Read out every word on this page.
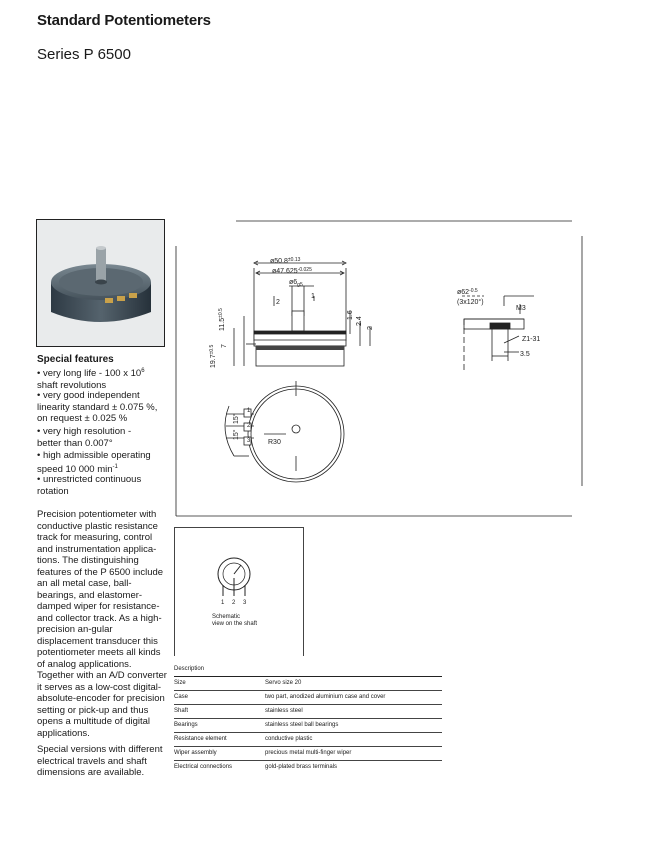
Standard Potentiometers
Series P 6500
Special features
• very long life - 100 x $10^6$
shaft revolutions
• very good independent
linearity standard ± 0.075 %,
on request ± 0.025 %
• very high resolution -
better than 0.007°
• high admissible operating
speed 10 000 $\min^{-1}$
• unrestricted continuous
rotation
Precision potentiometer with conductive plastic resistance track for measuring, control and instrumentation applica-tions. The distinguishing features of the P 6500 include an all metal case, ball-bearings, and elastomer-damped wiper for resistance- and collector track. As a high-precision an-gular displacement transducer this potentiometer meets all kinds of analog applications. Together with an A/D converter it serves as a low-cost digital-absolute-encoder for precision setting or pick-up and thus opens a multitude of digital applications.
Special versions with different electrical travels and shaft dimensions are available.
$ø50.8^{\pm 0.13}$
$ø47.625^{-0.025}$
$ø6_{g5}$
2
1
1.6
2.4
2
$11.5^{\pm 0.5}$
7
$19.7^{\pm 0.5}$
R30
15°
15°
1
2
3
$ø62^{-0.5}$
(3x120°)
M3
Z1-31
3.5
1 2 3
Schematic
view on the shaft
Description
Size	Servo size 20
Case	two part, anodized aluminium case and cover
Shaft	stainless steel
Bearings	stainless steel ball bearings
Resistance element	conductive plastic
Wiper assembly	precious metal multi-finger wiper
Electrical connections	gold-plated brass terminals
